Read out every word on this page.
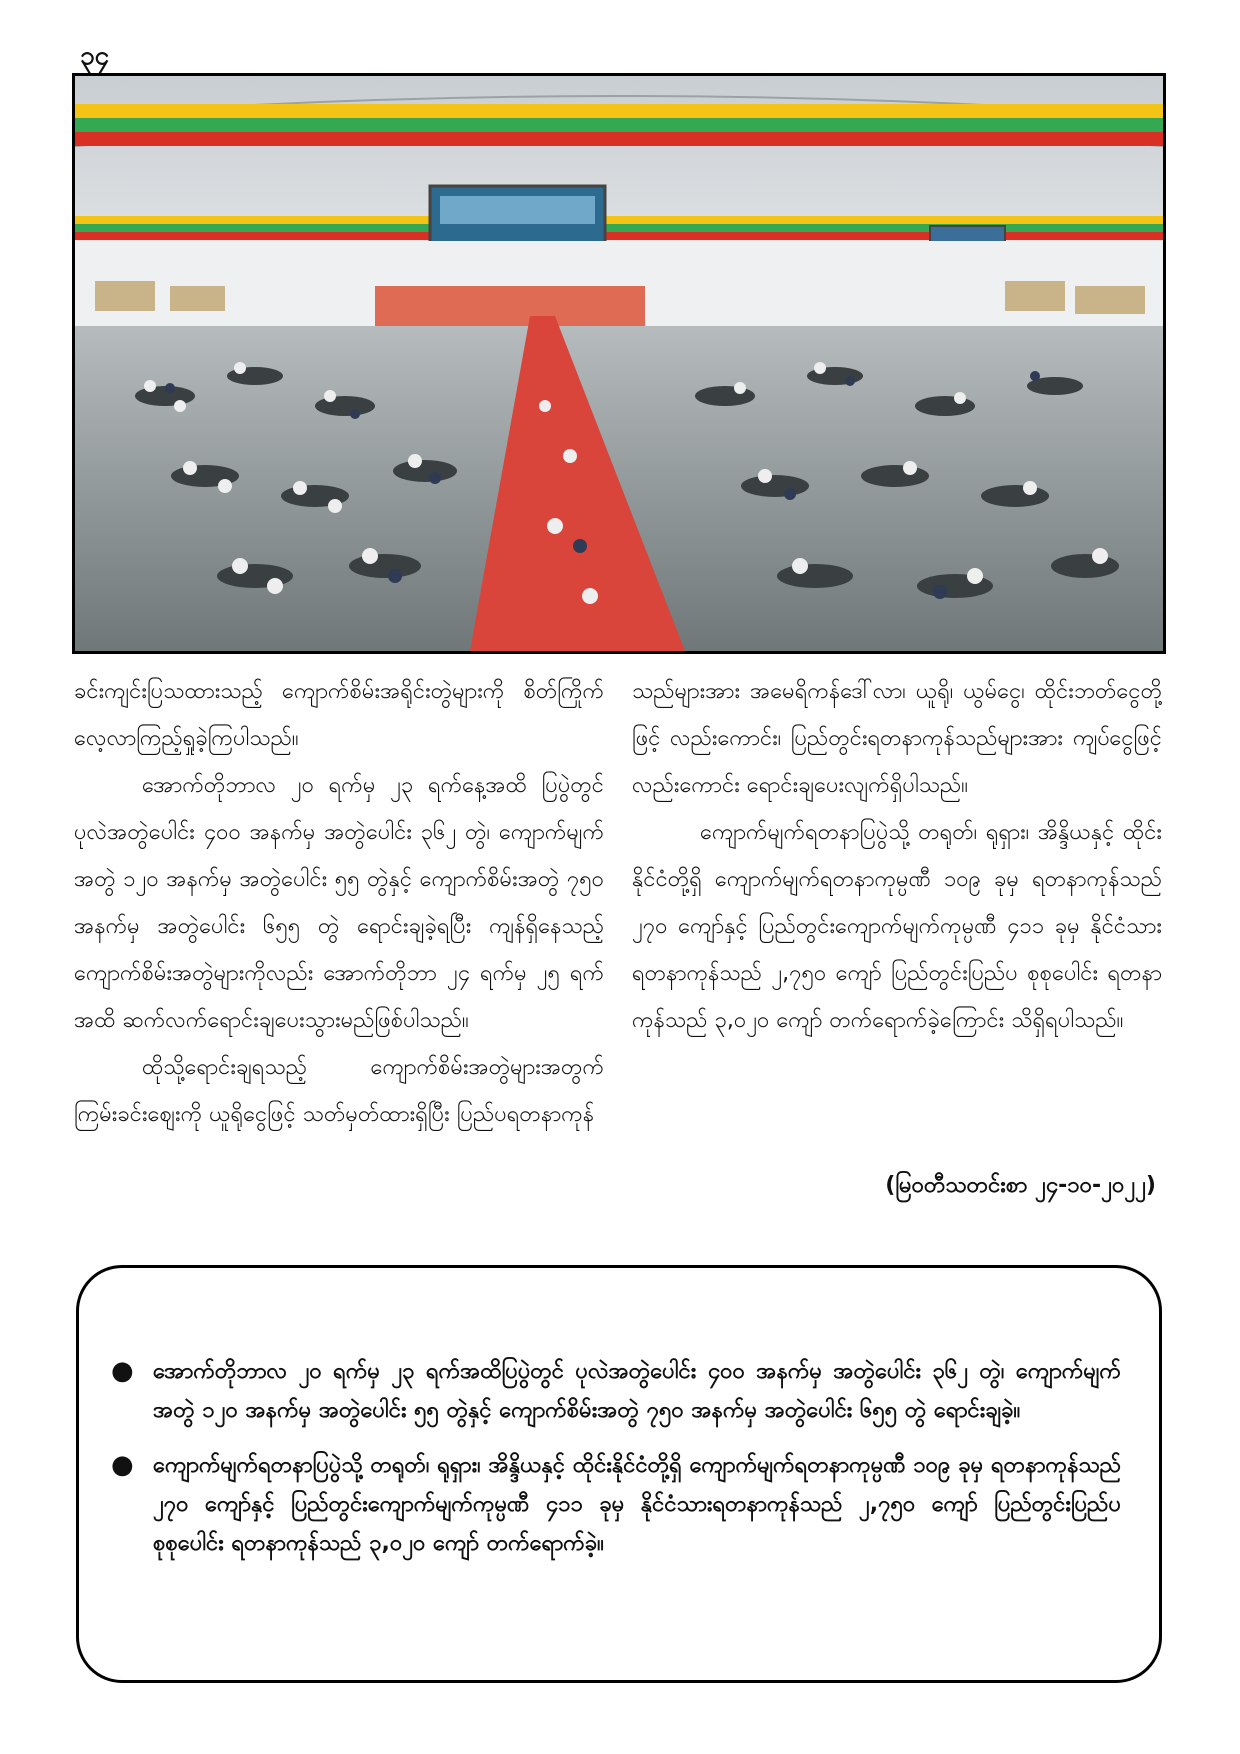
၃၄

ခင်းကျင်းပြသထားသည့် ကျောက်စိမ်းအရိုင်းတွဲများကို စိတ်ကြိုက်လေ့လာကြည့်ရှုခဲ့ကြပါသည်။

အောက်တိုဘာလ ၂၀ ရက်မှ ၂၃ ရက်နေ့အထိ ပြပွဲတွင် ပုလဲအတွဲပေါင်း ၄၀၀ အနက်မှ အတွဲပေါင်း ၃၆၂ တွဲ၊ ကျောက်မျက်အတွဲ ၁၂၀ အနက်မှ အတွဲပေါင်း ၅၅ တွဲနှင့် ကျောက်စိမ်းအတွဲ ၇၅၀ အနက်မှ အတွဲပေါင်း ၆၅၅ တွဲ ရောင်းချခဲ့ရပြီး ကျန်ရှိနေသည့် ကျောက်စိမ်းအတွဲများကိုလည်း အောက်တိုဘာ ၂၄ ရက်မှ ၂၅ ရက်အထိ ဆက်လက်ရောင်းချပေးသွားမည်ဖြစ်ပါသည်။

ထိုသို့ရောင်းချရသည့် ကျောက်စိမ်းအတွဲများအတွက် ကြမ်းခင်းဈေးကို ယူရိုငွေဖြင့် သတ်မှတ်ထားရှိပြီး ပြည်ပရတနာကုန်

သည်များအား အမေရိကန်ဒေါ်လာ၊ ယူရို၊ ယွမ်ငွေ၊ ထိုင်းဘတ်ငွေတို့ဖြင့် လည်းကောင်း၊ ပြည်တွင်းရတနာကုန်သည်များအား ကျပ်ငွေဖြင့်လည်းကောင်း ရောင်းချပေးလျက်ရှိပါသည်။

ကျောက်မျက်ရတနာပြပွဲသို့ တရုတ်၊ ရုရှား၊ အိန္ဒိယနှင့် ထိုင်းနိုင်ငံတို့ရှိ ကျောက်မျက်ရတနာကုမ္ပဏီ ၁၀၉ ခုမှ ရတနာကုန်သည် ၂၇၀ ကျော်နှင့် ပြည်တွင်းကျောက်မျက်ကုမ္ပဏီ ၄၁၁ ခုမှ နိုင်ငံသားရတနာကုန်သည် ၂,၇၅၀ ကျော် ပြည်တွင်းပြည်ပ စုစုပေါင်း ရတနာကုန်သည် ၃,၀၂၀ ကျော် တက်ရောက်ခဲ့ကြောင်း သိရှိရပါသည်။

(မြဝတီသတင်းစာ ၂၄-၁၀-၂၀၂၂)
● အောက်တိုဘာလ ၂၀ ရက်မှ ၂၃ ရက်အထိပြပွဲတွင် ပုလဲအတွဲပေါင်း ၄၀၀ အနက်မှ အတွဲပေါင်း ၃၆၂ တွဲ၊ ကျောက်မျက်အတွဲ ၁၂၀ အနက်မှ အတွဲပေါင်း ၅၅ တွဲနှင့် ကျောက်စိမ်းအတွဲ ၇၅၀ အနက်မှ အတွဲပေါင်း ၆၅၅ တွဲ ရောင်းချခဲ့။
● ကျောက်မျက်ရတနာပြပွဲသို့ တရုတ်၊ ရုရှား၊ အိန္ဒိယနှင့် ထိုင်းနိုင်ငံတို့ရှိ ကျောက်မျက်ရတနာကုမ္ပဏီ ၁၀၉ ခုမှ ရတနာကုန်သည် ၂၇၀ ကျော်နှင့် ပြည်တွင်းကျောက်မျက်ကုမ္ပဏီ ၄၁၁ ခုမှ နိုင်ငံသားရတနာကုန်သည် ၂,၇၅၀ ကျော် ပြည်တွင်းပြည်ပ စုစုပေါင်း ရတနာကုန်သည် ၃,၀၂၀ ကျော် တက်ရောက်ခဲ့။
